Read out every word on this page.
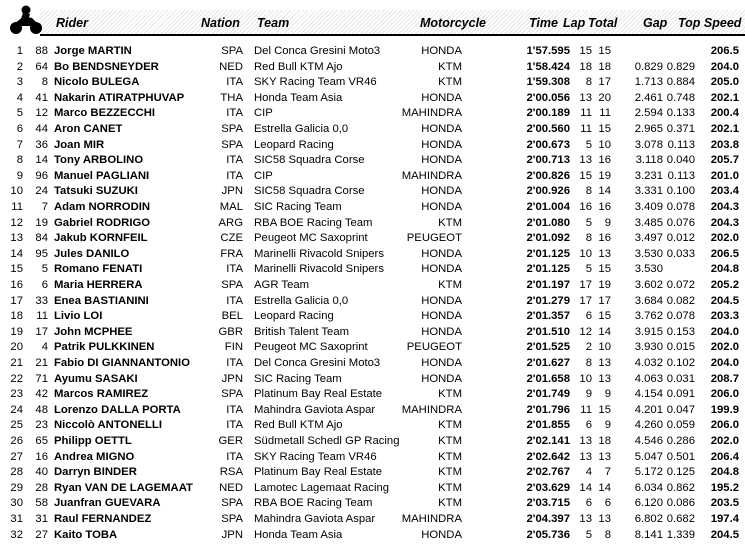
Rider	Nation Team	Motorcycle	Time Lap Total Gap Top Speed
1 88 Jorge MARTIN	SPA Del Conca Gresini Moto3	HONDA	1'57.595 15 15	206.5
2 64 Bo BENDSNEYDER	NED Red Bull KTM Ajo	KTM	1'58.424 18 18 0.829 0.829 204.0
3 8 Nicolo BULEGA	ITA SKY Racing Team VR46	KTM	1'59.308 8 17 1.713 0.884 205.0
4 41 Nakarin ATIRATPHUVAP	THA Honda Team Asia	HONDA	2'00.056 13 20 2.461 0.748 202.1
5 12 Marco BEZZECCHI	ITA CIP	MAHINDRA	2'00.189 11 11 2.594 0.133 200.4
6 44 Aron CANET	SPA Estrella Galicia 0,0	HONDA	2'00.560 11 15 2.965 0.371 202.1
7 36 Joan MIR	SPA Leopard Racing	HONDA	2'00.673 5 10 3.078 0.113 203.8
8 14 Tony ARBOLINO	ITA SIC58 Squadra Corse	HONDA	2'00.713 13 16 3.118 0.040 205.7
9 96 Manuel PAGLIANI	ITA CIP	MAHINDRA	2'00.826 15 19 3.231 0.113 201.0
10 24 Tatsuki SUZUKI	JPN SIC58 Squadra Corse	HONDA	2'00.926 8 14 3.331 0.100 203.4
11 7 Adam NORRODIN	MAL SIC Racing Team	HONDA	2'01.004 16 16 3.409 0.078 204.3
12 19 Gabriel RODRIGO	ARG RBA BOE Racing Team	KTM	2'01.080 5 9 3.485 0.076 204.3
13 84 Jakub KORNFEIL	CZE Peugeot MC Saxoprint	PEUGEOT	2'01.092 8 16 3.497 0.012 202.0
14 95 Jules DANILO	FRA Marinelli Rivacold Snipers	HONDA	2'01.125 10 13 3.530 0.033 206.5
15 5 Romano FENATI	ITA Marinelli Rivacold Snipers	HONDA	2'01.125 5 15 3.530	204.8
16 6 Maria HERRERA	SPA AGR Team	KTM	2'01.197 17 19 3.602 0.072 205.2
17 33 Enea BASTIANINI	ITA Estrella Galicia 0,0	HONDA	2'01.279 17 17 3.684 0.082 204.5
18 11 Livio LOI	BEL Leopard Racing	HONDA	2'01.357 6 15 3.762 0.078 203.3
19 17 John MCPHEE	GBR British Talent Team	HONDA	2'01.510 12 14 3.915 0.153 204.0
20 4 Patrik PULKKINEN	FIN Peugeot MC Saxoprint	PEUGEOT	2'01.525 2 10 3.930 0.015 202.0
21 21 Fabio DI GIANNANTONIO	ITA Del Conca Gresini Moto3	HONDA	2'01.627 8 13 4.032 0.102 204.0
22 71 Ayumu SASAKI	JPN SIC Racing Team	HONDA	2'01.658 10 13 4.063 0.031 208.7
23 42 Marcos RAMIREZ	SPA Platinum Bay Real Estate	KTM	2'01.749 9 9 4.154 0.091 206.0
24 48 Lorenzo DALLA PORTA	ITA Mahindra Gaviota Aspar MAHINDRA	2'01.796 11 15 4.201 0.047 199.9
25 23 Niccolò ANTONELLI	ITA Red Bull KTM Ajo	KTM	2'01.855 6 9 4.260 0.059 206.0
26 65 Philipp OETTL	GER Südmetall Schedl GP Racing	KTM	2'02.141 13 18 4.546 0.286 202.0
27 16 Andrea MIGNO	ITA SKY Racing Team VR46	KTM	2'02.642 13 13 5.047 0.501 206.4
28 40 Darryn BINDER	RSA Platinum Bay Real Estate	KTM	2'02.767 4 7 5.172 0.125 204.8
29 28 Ryan VAN DE LAGEMAAT NED Lamotec Lagemaat Racing	KTM	2'03.629 14 14 6.034 0.862 195.2
30 58 Juanfran GUEVARA	SPA RBA BOE Racing Team	KTM	2'03.715 6 6 6.120 0.086 203.5
31 31 Raul FERNANDEZ	SPA Mahindra Gaviota Aspar MAHINDRA	2'04.397 13 13 6.802 0.682 197.4
32 27 Kaito TOBA	JPN Honda Team Asia	HONDA	2'05.736 5 8 8.141 1.339 204.5
